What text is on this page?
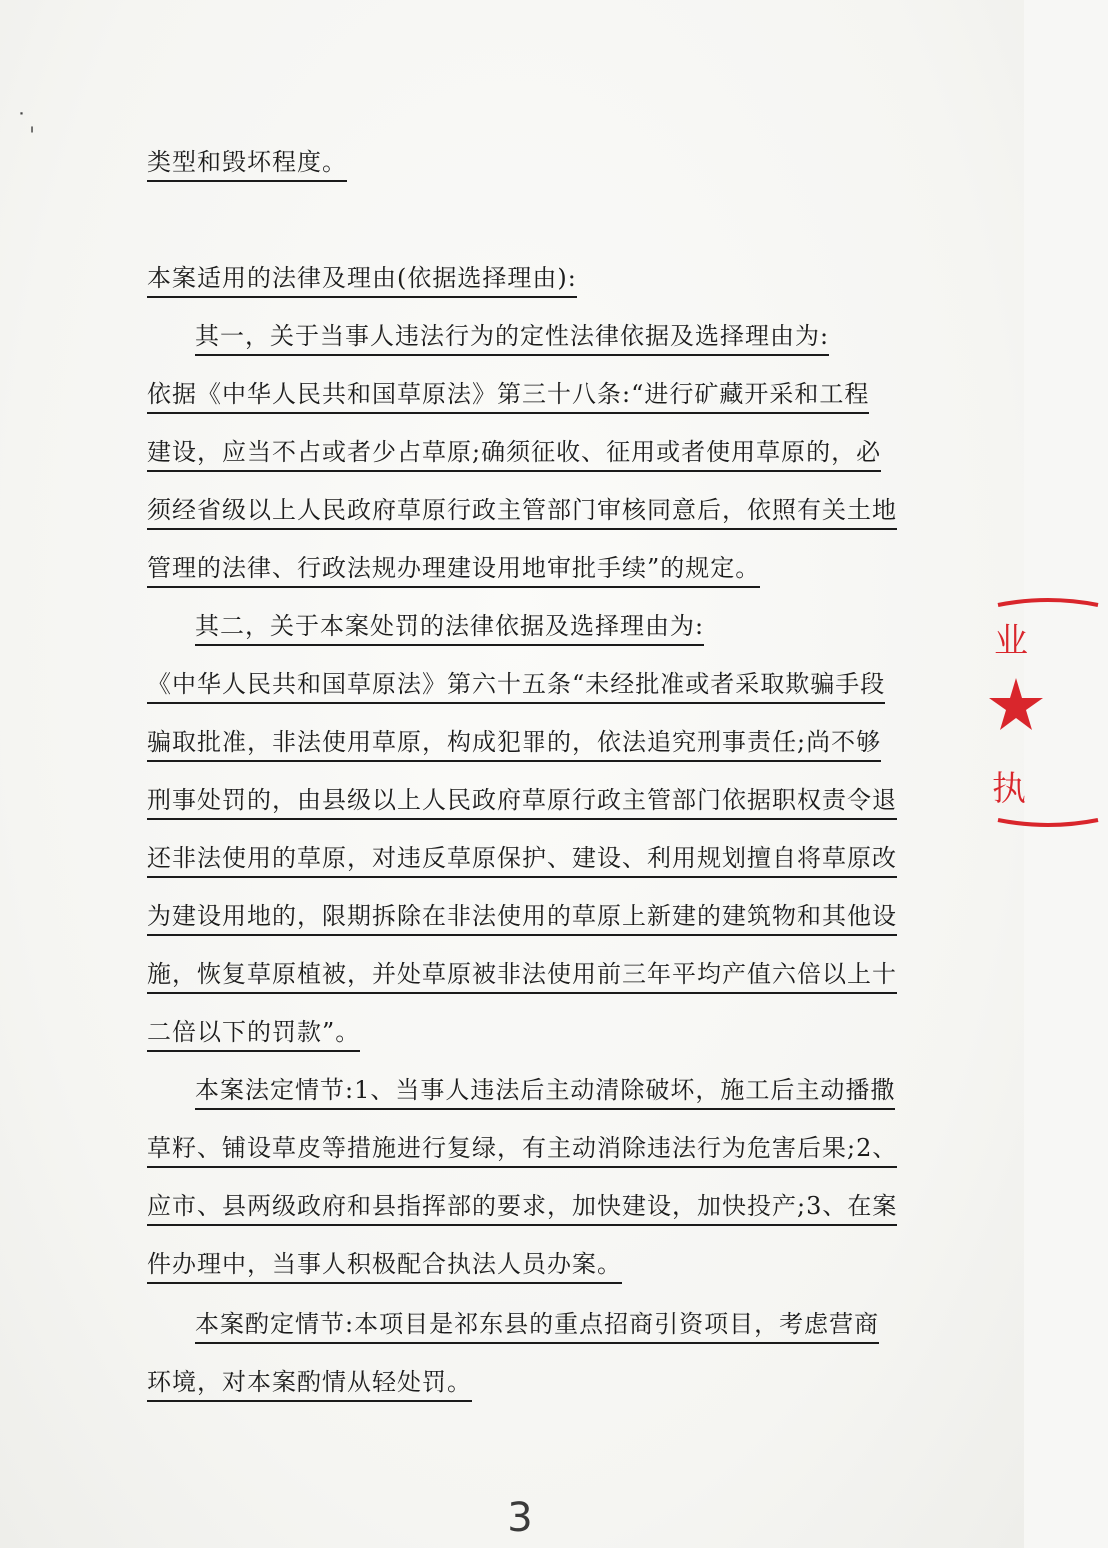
˙ˌ
类型和毁坏程度。
本案适用的法律及理由(依据选择理由):
其一，关于当事人违法行为的定性法律依据及选择理由为:
依据《中华人民共和国草原法》第三十八条:“进行矿藏开采和工程
建设，应当不占或者少占草原;确须征收、征用或者使用草原的，必
须经省级以上人民政府草原行政主管部门审核同意后，依照有关土地
管理的法律、行政法规办理建设用地审批手续”的规定。
其二，关于本案处罚的法律依据及选择理由为:
《中华人民共和国草原法》第六十五条“未经批准或者采取欺骗手段
骗取批准，非法使用草原，构成犯罪的，依法追究刑事责任;尚不够
刑事处罚的，由县级以上人民政府草原行政主管部门依据职权责令退
还非法使用的草原，对违反草原保护、建设、利用规划擅自将草原改
为建设用地的，限期拆除在非法使用的草原上新建的建筑物和其他设
施，恢复草原植被，并处草原被非法使用前三年平均产值六倍以上十
二倍以下的罚款”。
本案法定情节:1、当事人违法后主动清除破坏，施工后主动播撒
草籽、铺设草皮等措施进行复绿，有主动消除违法行为危害后果;2、
应市、县两级政府和县指挥部的要求，加快建设，加快投产;3、在案
件办理中，当事人积极配合执法人员办案。
本案酌定情节:本项目是祁东县的重点招商引资项目，考虑营商
环境，对本案酌情从轻处罚。
3
业
执
